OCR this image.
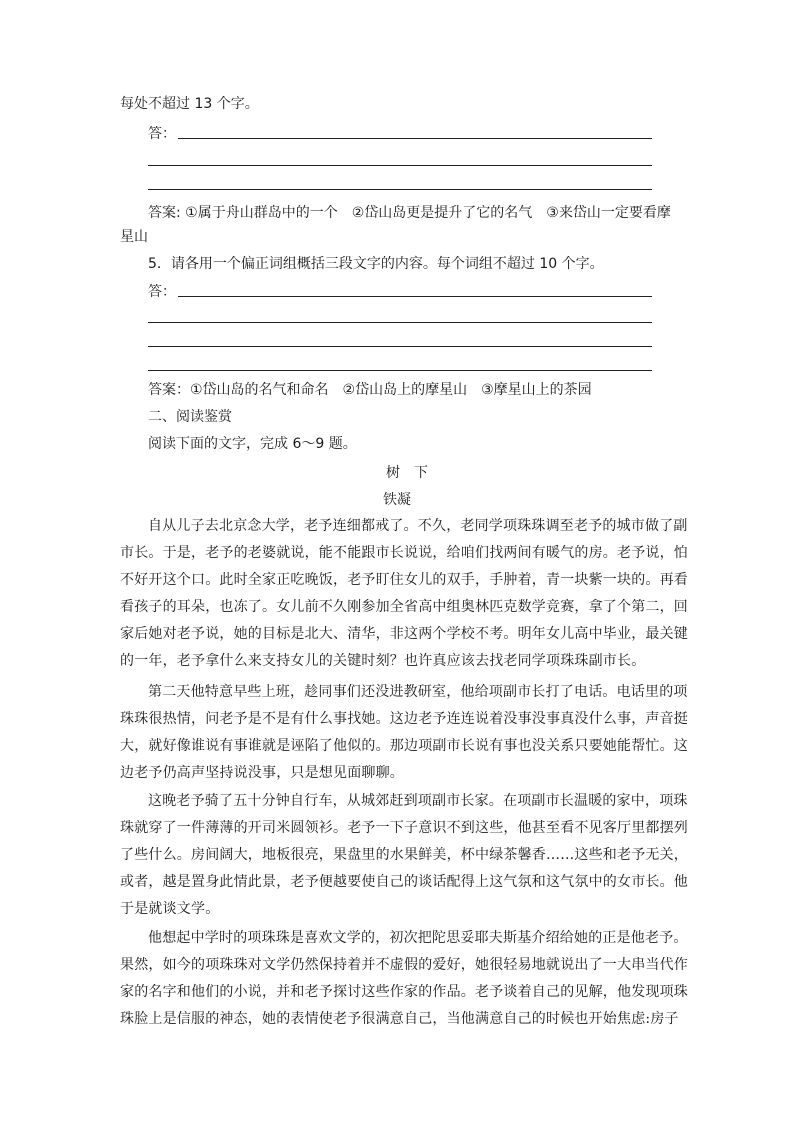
每处不超过 13 个字。
答：
答案: ①属于舟山群岛中的一个　②岱山岛更是提升了它的名气　③来岱山一定要看摩
星山
5．请各用一个偏正词组概括三段文字的内容。每个词组不超过 10 个字。
答：
答案：①岱山岛的名气和命名　②岱山岛上的摩星山　③摩星山上的茶园
二、阅读鉴赏
阅读下面的文字，完成 6～9 题。
树　下
铁凝
自从儿子去北京念大学，老予连细都戒了。不久，老同学项珠珠调至老予的城市做了副
市长。于是，老予的老婆就说，能不能跟市长说说，给咱们找两间有暖气的房。老予说，怕
不好开这个口。此时全家正吃晚饭，老予盯住女儿的双手，手肿着，青一块紫一块的。再看
看孩子的耳朵，也冻了。女儿前不久刚参加全省高中组奥林匹克数学竞赛，拿了个第二，回
家后她对老予说，她的目标是北大、清华，非这两个学校不考。明年女儿高中毕业，最关键
的一年，老予拿什么来支持女儿的关键时刻？也许真应该去找老同学项珠珠副市长。
第二天他特意早些上班，趁同事们还没进教研室，他给项副市长打了电话。电话里的项
珠珠很热情，问老予是不是有什么事找她。这边老予连连说着没事没事真没什么事，声音挺
大，就好像谁说有事谁就是诬陷了他似的。那边项副市长说有事也没关系只要她能帮忙。这
边老予仍高声坚持说没事，只是想见面聊聊。
这晚老予骑了五十分钟自行车，从城郊赶到项副市长家。在项副市长温暖的家中，项珠
珠就穿了一件薄薄的开司米圆领衫。老予一下子意识不到这些，他甚至看不见客厅里都摆列
了些什么。房间阔大，地板很亮，果盘里的水果鲜美，杯中绿茶馨香……这些和老予无关，
或者，越是置身此情此景，老予便越要使自己的谈话配得上这气氛和这气氛中的女市长。他
于是就谈文学。
他想起中学时的项珠珠是喜欢文学的，初次把陀思妥耶夫斯基介绍给她的正是他老予。
果然，如今的项珠珠对文学仍然保持着并不虚假的爱好，她很轻易地就说出了一大串当代作
家的名字和他们的小说，并和老予探讨这些作家的作品。老予谈着自己的见解，他发现项珠
珠脸上是信服的神态，她的表情使老予很满意自己，当他满意自己的时候也开始焦虑:房子
